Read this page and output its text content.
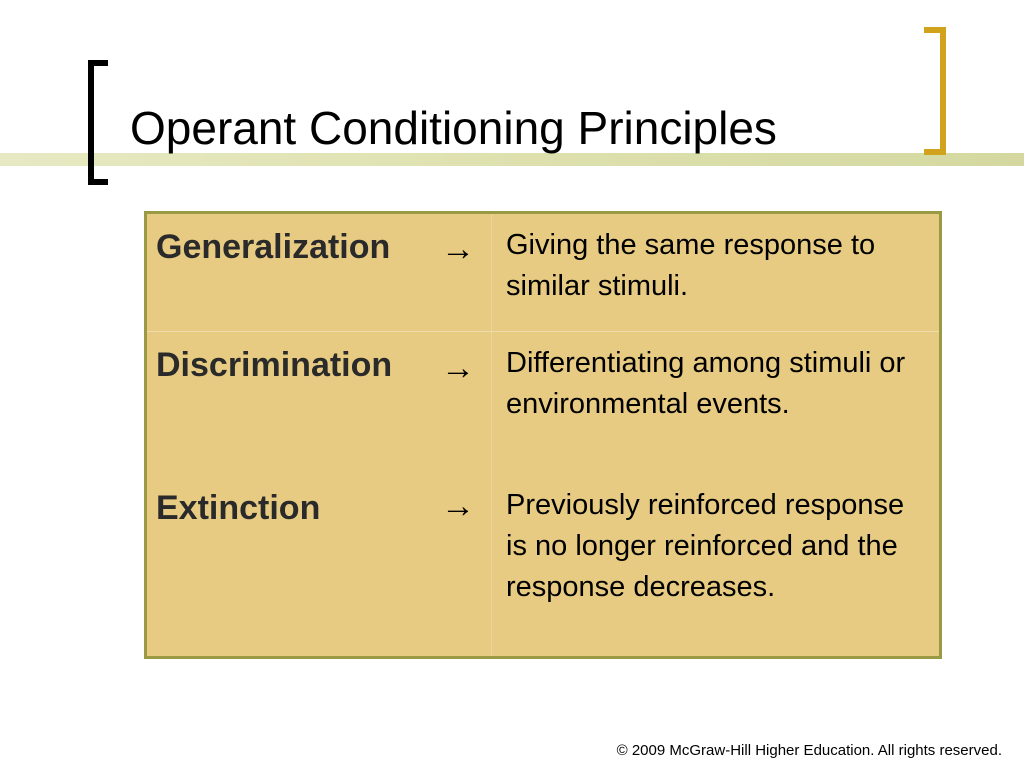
Operant Conditioning Principles
Generalization → Giving the same response to similar stimuli.
Discrimination → Differentiating among stimuli or environmental events.
Extinction	→ Previously reinforced response is no longer reinforced and the response decreases.
© 2009 McGraw-Hill Higher Education. All rights reserved.
